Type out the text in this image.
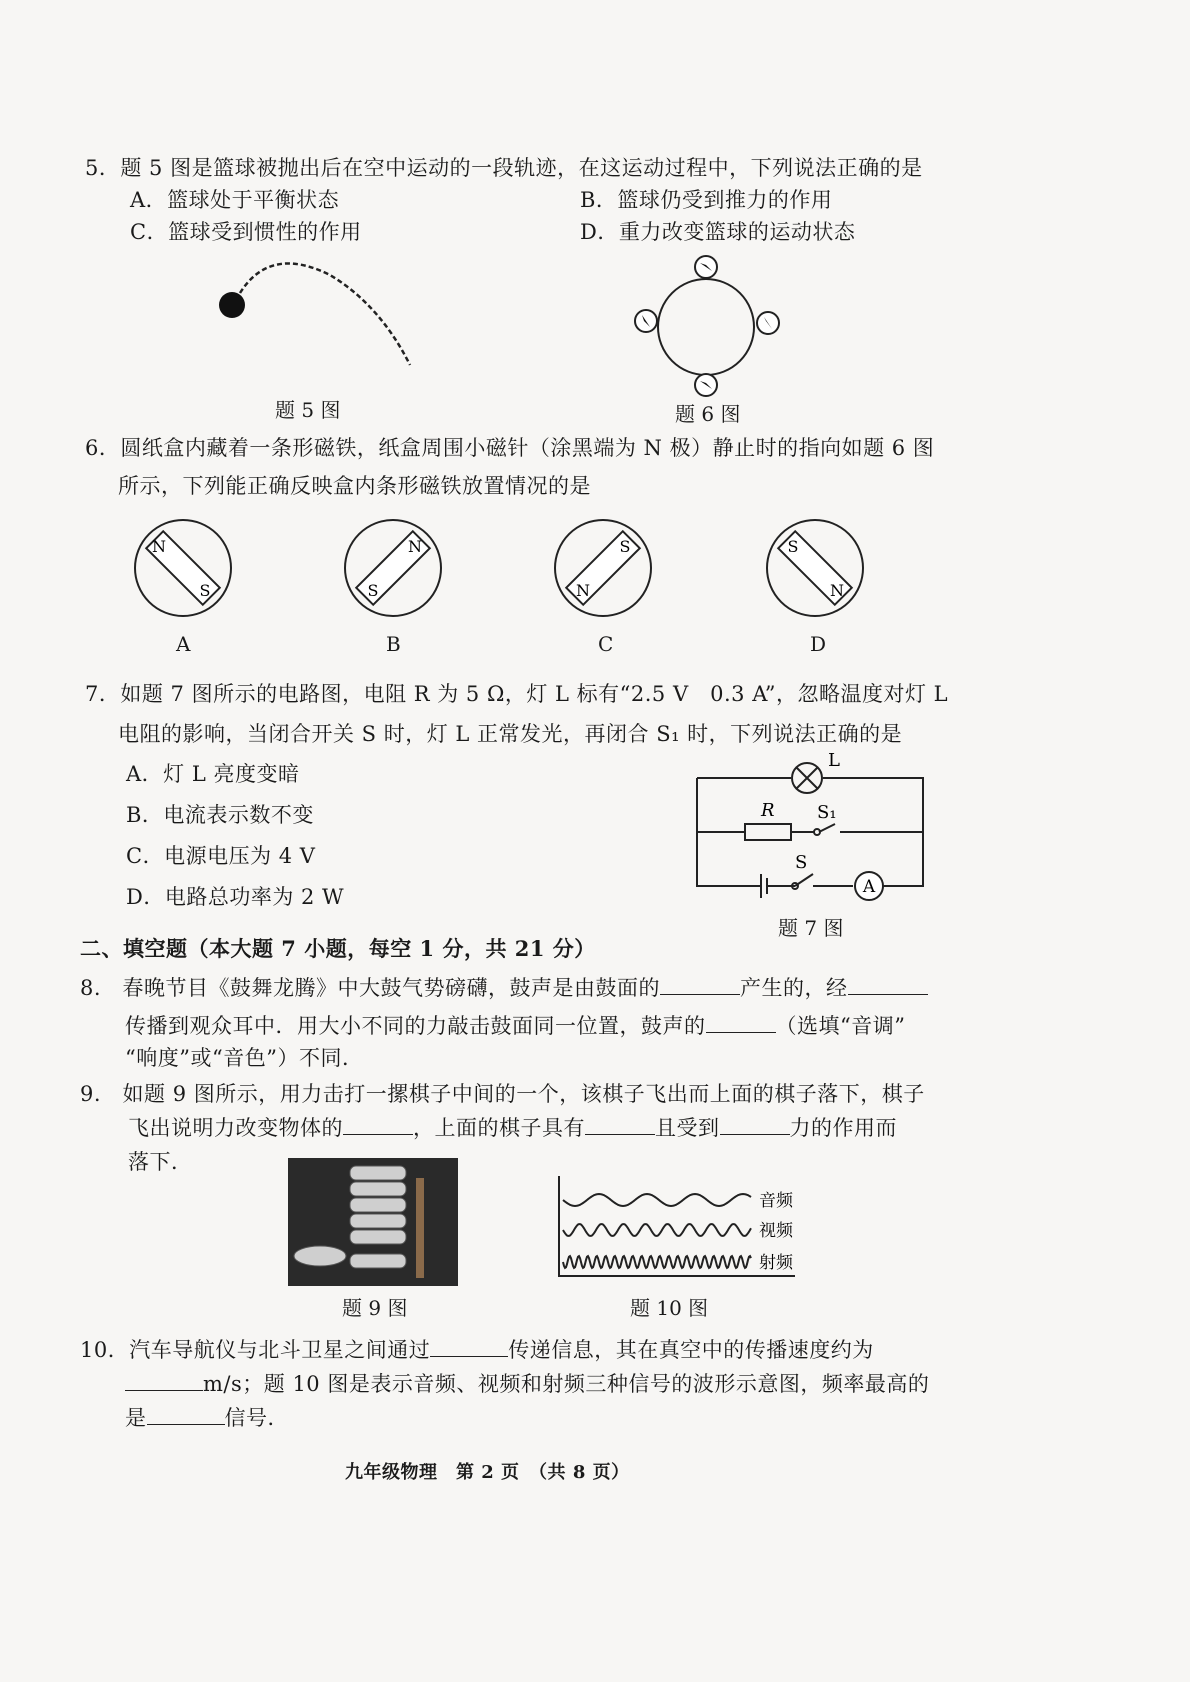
5．题 5 图是篮球被抛出后在空中运动的一段轨迹，在这运动过程中，下列说法正确的是
A．篮球处于平衡状态	B．篮球仍受到推力的作用
C．篮球受到惯性的作用	D．重力改变篮球的运动状态
题 5 图	题 6 图
6．圆纸盒内藏着一条形磁铁，纸盒周围小磁针（涂黑端为 N 极）静止时的指向如题 6 图
所示，下列能正确反映盒内条形磁铁放置情况的是
N
S
N
S
S
N
S
N
A	B	C	D
7．如题 7 图所示的电路图，电阻 R 为 5 Ω，灯 L 标有“2.5 V　0.3 A”，忽略温度对灯 L
电阻的影响，当闭合开关 S 时，灯 L 正常发光，再闭合 S₁ 时，下列说法正确的是
A．灯 L 亮度变暗
B．电流表示数不变
C．电源电压为 4 V
D．电路总功率为 2 W
L
R S₁
S
A
题 7 图
二、填空题（本大题 7 小题，每空 1 分，共 21 分）
8.　春晚节目《鼓舞龙腾》中大鼓气势磅礴，鼓声是由鼓面的	产生的，经
传播到观众耳中．用大小不同的力敲击鼓面同一位置，鼓声的	（选填“音调”
“响度”或“音色”）不同．
9.　如题 9 图所示，用力击打一摞棋子中间的一个，该棋子飞出而上面的棋子落下，棋子
飞出说明力改变物体的	，上面的棋子具有	且受到	力的作用而
落下．
题 9 图
音频
视频
射频
题 10 图
10．汽车导航仪与北斗卫星之间通过	传递信息，其在真空中的传播速度约为
m/s；题 10 图是表示音频、视频和射频三种信号的波形示意图，频率最高的
是	信号．
九年级物理　第 2 页　（共 8 页）
